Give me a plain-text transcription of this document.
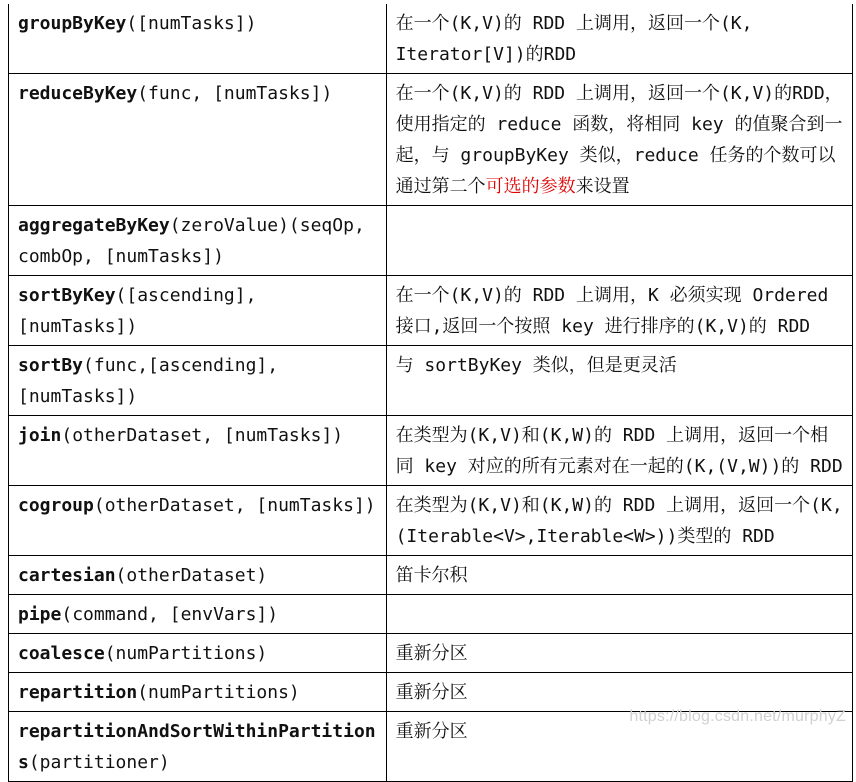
groupByKey([numTasks])	在一个(K,V)的 RDD 上调用，返回一个(K, Iterator[V])的RDD
reduceByKey(func, [numTasks])	在一个(K,V)的 RDD 上调用，返回一个(K,V)的RDD，使用指定的 reduce 函数，将相同 key 的值聚合到一起，与 groupByKey 类似，reduce 任务的个数可以通过第二个可选的参数来设置
aggregateByKey(zeroValue)(seqOp, combOp, [numTasks])	
sortByKey([ascending], [numTasks])	在一个(K,V)的 RDD 上调用，K 必须实现 Ordered 接口,返回一个按照 key 进行排序的(K,V)的 RDD
sortBy(func,[ascending], [numTasks])	与 sortByKey 类似，但是更灵活
join(otherDataset, [numTasks])	在类型为(K,V)和(K,W)的 RDD 上调用，返回一个相同 key 对应的所有元素对在一起的(K,(V,W))的 RDD
cogroup(otherDataset, [numTasks])	在类型为(K,V)和(K,W)的 RDD 上调用，返回一个(K,(Iterable<V>,Iterable<W>))类型的 RDD
cartesian(otherDataset)	笛卡尔积
pipe(command, [envVars])	
coalesce(numPartitions)	重新分区
repartition(numPartitions)	重新分区
repartitionAndSortWithinPartitions(partitioner)	重新分区
https://blog.csdn.net/murphyZ
